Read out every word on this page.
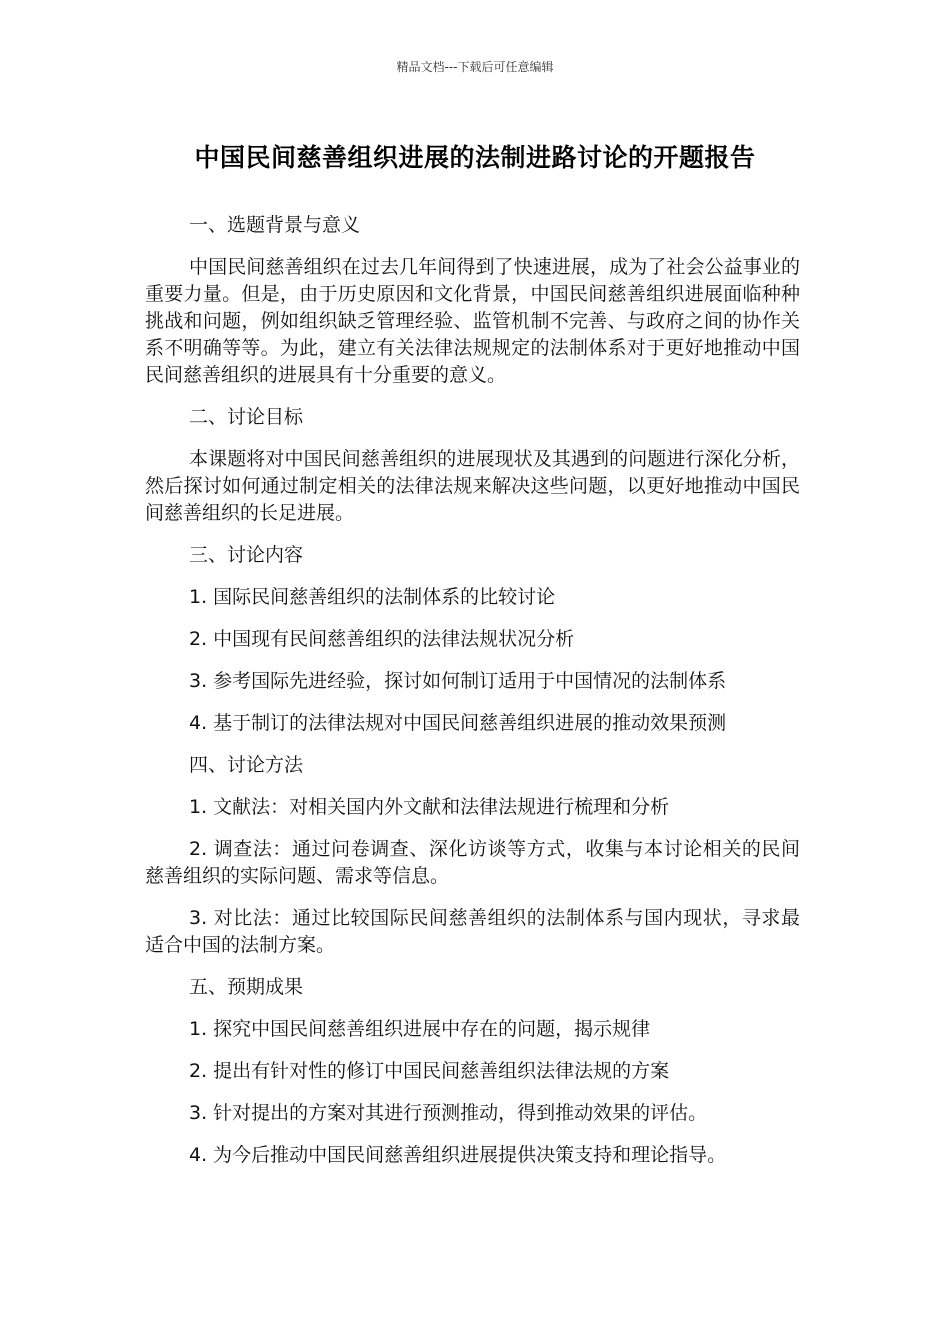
精品文档---下载后可任意编辑
中国民间慈善组织进展的法制进路讨论的开题报告

一、选题背景与意义

中国民间慈善组织在过去几年间得到了快速进展，成为了社会公益事业的重要力量。但是，由于历史原因和文化背景，中国民间慈善组织进展面临种种挑战和问题，例如组织缺乏管理经验、监管机制不完善、与政府之间的协作关系不明确等等。为此，建立有关法律法规规定的法制体系对于更好地推动中国民间慈善组织的进展具有十分重要的意义。

二、讨论目标

本课题将对中国民间慈善组织的进展现状及其遇到的问题进行深化分析，然后探讨如何通过制定相关的法律法规来解决这些问题，以更好地推动中国民间慈善组织的长足进展。

三、讨论内容

1. 国际民间慈善组织的法制体系的比较讨论

2. 中国现有民间慈善组织的法律法规状况分析

3. 参考国际先进经验，探讨如何制订适用于中国情况的法制体系

4. 基于制订的法律法规对中国民间慈善组织进展的推动效果预测

四、讨论方法

1. 文献法：对相关国内外文献和法律法规进行梳理和分析

2. 调查法：通过问卷调查、深化访谈等方式，收集与本讨论相关的民间慈善组织的实际问题、需求等信息。

3. 对比法：通过比较国际民间慈善组织的法制体系与国内现状，寻求最适合中国的法制方案。

五、预期成果

1. 探究中国民间慈善组织进展中存在的问题，揭示规律

2. 提出有针对性的修订中国民间慈善组织法律法规的方案

3. 针对提出的方案对其进行预测推动，得到推动效果的评估。

4. 为今后推动中国民间慈善组织进展提供决策支持和理论指导。
